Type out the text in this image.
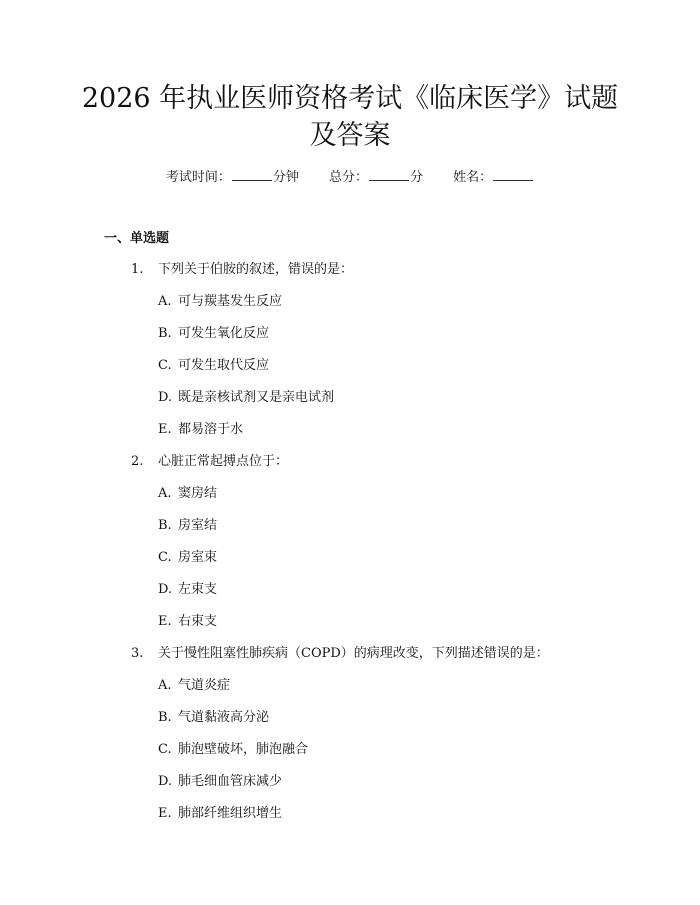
2026 年执业医师资格考试《临床医学》试题
及答案
考试时间：	分钟 总分：	分 姓名：
一、单选题
1. 下列关于伯胺的叙述，错误的是：
A. 可与羰基发生反应
B. 可发生氧化反应
C. 可发生取代反应
D. 既是亲核试剂又是亲电试剂
E. 都易溶于水
2. 心脏正常起搏点位于：
A. 窦房结
B. 房室结
C. 房室束
D. 左束支
E. 右束支
3. 关于慢性阻塞性肺疾病（COPD）的病理改变，下列描述错误的是：
A. 气道炎症
B. 气道黏液高分泌
C. 肺泡壁破坏，肺泡融合
D. 肺毛细血管床减少
E. 肺部纤维组织增生
